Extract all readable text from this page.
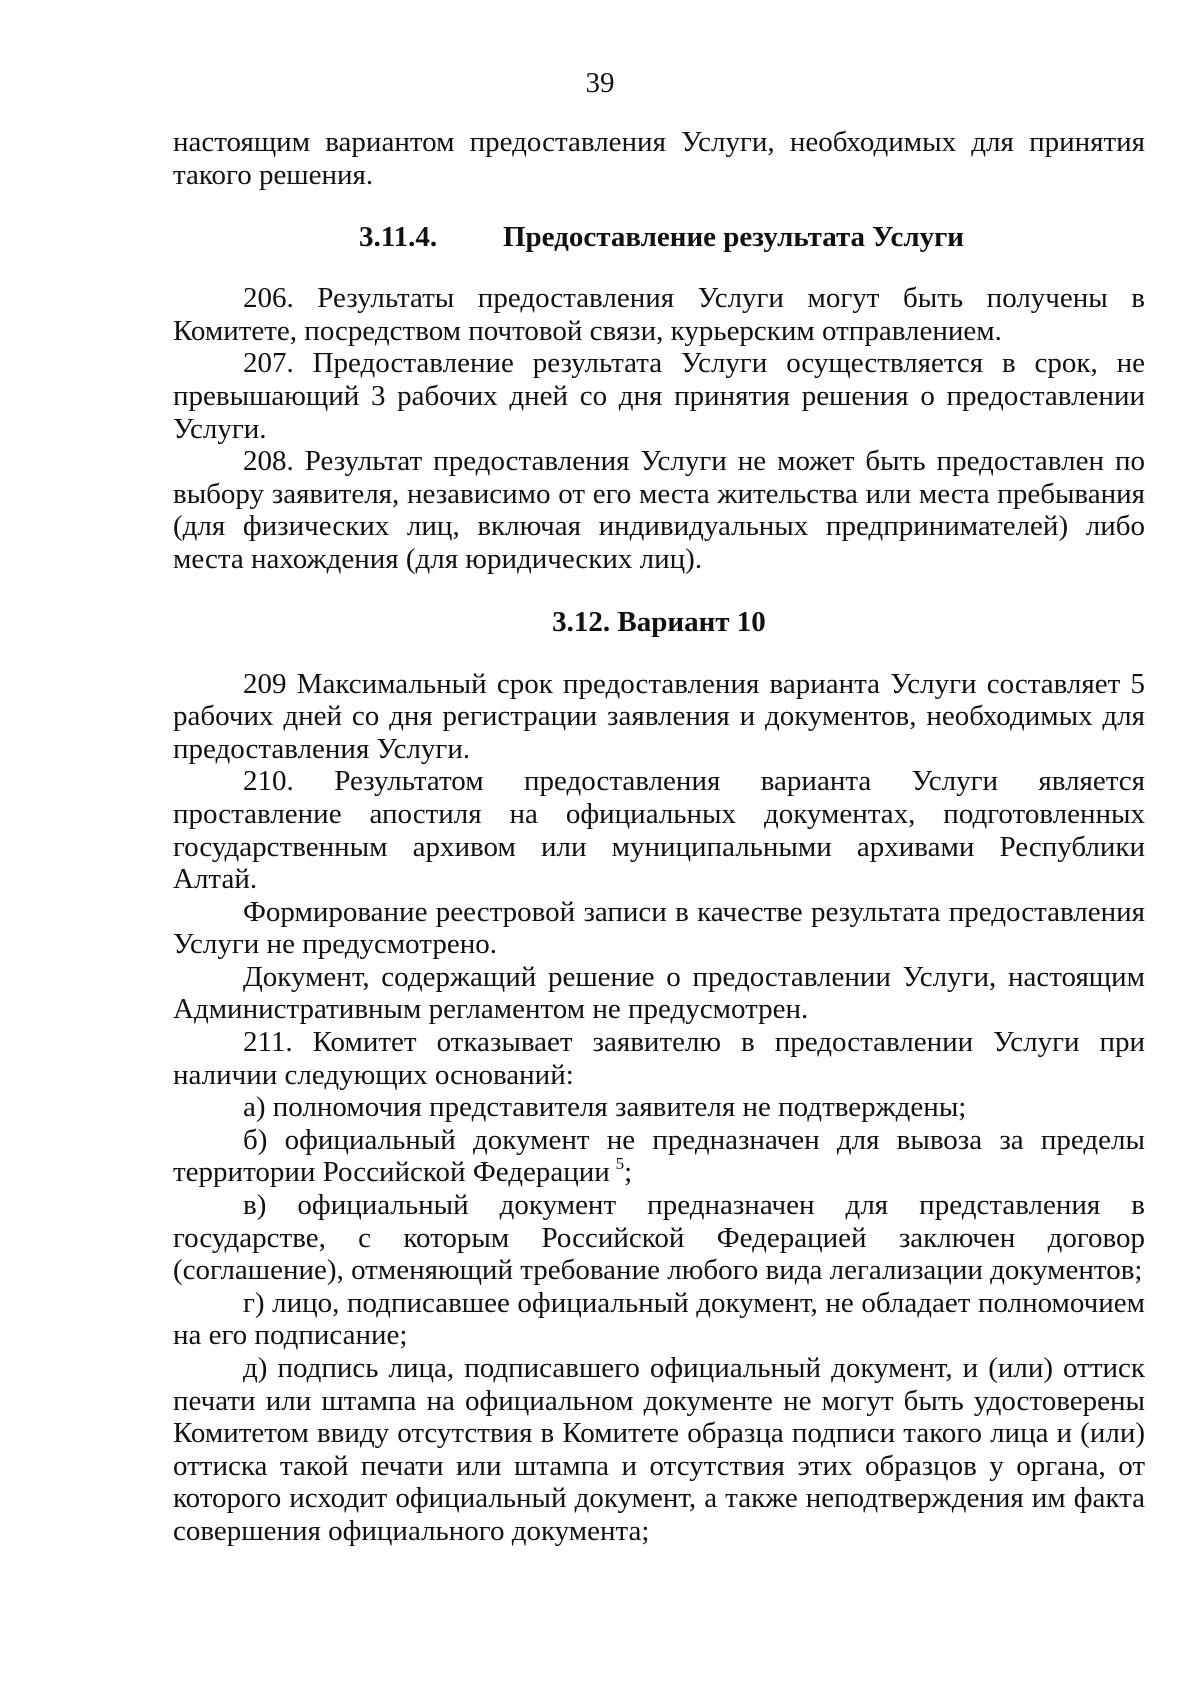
39

настоящим вариантом предоставления Услуги, необходимых для принятия такого решения.

3.11.4. Предоставление результата Услуги

206. Результаты предоставления Услуги могут быть получены в Комитете, посредством почтовой связи, курьерским отправлением.

207. Предоставление результата Услуги осуществляется в срок, не превышающий 3 рабочих дней со дня принятия решения о предоставлении Услуги.

208. Результат предоставления Услуги не может быть предоставлен по выбору заявителя, независимо от его места жительства или места пребывания (для физических лиц, включая индивидуальных предпринимателей) либо места нахождения (для юридических лиц).

3.12. Вариант 10

209 Максимальный срок предоставления варианта Услуги составляет 5 рабочих дней со дня регистрации заявления и документов, необходимых для предоставления Услуги.

210. Результатом предоставления варианта Услуги является проставление апостиля на официальных документах, подготовленных государственным архивом или муниципальными архивами Республики Алтай.

Формирование реестровой записи в качестве результата предоставления Услуги не предусмотрено.

Документ, содержащий решение о предоставлении Услуги, настоящим Административным регламентом не предусмотрен.

211. Комитет отказывает заявителю в предоставлении Услуги при наличии следующих оснований:

а) полномочия представителя заявителя не подтверждены;

б) официальный документ не предназначен для вывоза за пределы территории Российской Федерации  $^5$;

в) официальный документ предназначен для представления в государстве, с которым Российской Федерацией заключен договор (соглашение), отменяющий требование любого вида легализации документов;

г) лицо, подписавшее официальный документ, не обладает полномочием на его подписание;

д) подпись лица, подписавшего официальный документ, и (или) оттиск печати или штампа на официальном документе не могут быть удостоверены Комитетом ввиду отсутствия в Комитете образца подписи такого лица и (или) оттиска такой печати или штампа и отсутствия этих образцов у органа, от которого исходит официальный документ, а также неподтверждения им факта совершения официального документа;
